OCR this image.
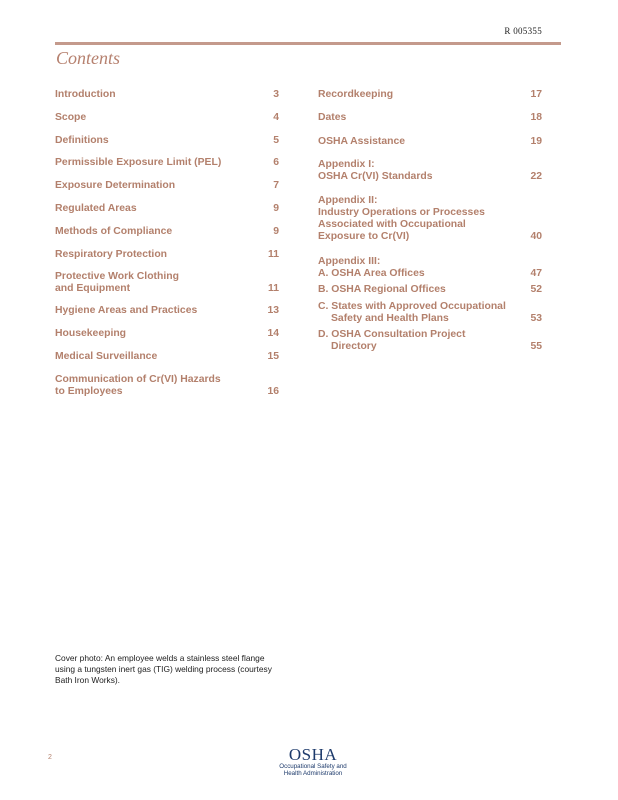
R 005355
Contents
Introduction	3
Scope	4
Definitions	5
Permissible Exposure Limit (PEL)	6
Exposure Determination	7
Regulated Areas	9
Methods of Compliance	9
Respiratory Protection	11
Protective Work Clothing
and Equipment	11
Hygiene Areas and Practices	13
Housekeeping	14
Medical Surveillance	15
Communication of Cr(VI) Hazards
to Employees	16
Recordkeeping	17
Dates	18
OSHA Assistance	19
Appendix I:
OSHA Cr(VI) Standards	22
Appendix II:
Industry Operations or Processes
Associated with Occupational
Exposure to Cr(VI)	40
Appendix III:
A. OSHA Area Offices	47
B. OSHA Regional Offices	52
C. States with Approved Occupational
Safety and Health Plans	53
D. OSHA Consultation Project
Directory	55
Cover photo: An employee welds a stainless steel flange using a tungsten inert gas (TIG) welding process (courtesy Bath Iron Works).
2	OSHA
Occupational Safety and
Health Administration
